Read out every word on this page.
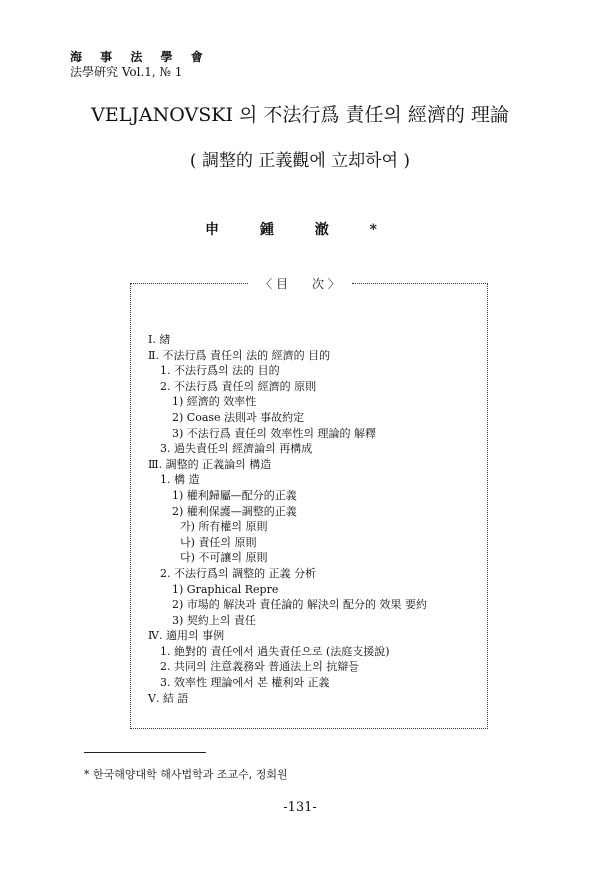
海 事 法 學 會
法學硏究 Vol.1, № 1
VELJANOVSKI 의 不法行爲 責任의 經濟的 理論
( 調整的 正義觀에 立却하여 )
申 鍾 澈 *
〈 目　　次 〉
Ⅰ. 緖
Ⅱ. 不法行爲 責任의 法的 經濟的 目的
1. 不法行爲의 法的 目的
2. 不法行爲 責任의 經濟的 原則
1) 經濟的 效率性
2) Coase 法則과 事故約定
3) 不法行爲 責任의 效率性의 理論的 解釋
3. 過失責任의 經濟論의 再構成
Ⅲ. 調整的 正義論의 構造
1. 構 造
1) 權利歸屬—配分的正義
2) 權利保護—調整的正義
가) 所有權의 原則
나) 責任의 原則
다) 不可讓의 原則
2. 不法行爲의 調整的 正義 分析
1) Graphical Repre
2) 市場的 解決과 責任論的 解決의 配分的 效果 要約
3) 契約上의 責任
Ⅳ. 適用의 事例
1. 絶對的 責任에서 過失責任으로 (法庭支援說)
2. 共同의 注意義務와 普通法上의 抗辯들
3. 效率性 理論에서 본 權利와 正義
Ⅴ. 結 語
* 한국해양대학 해사법학과 조교수, 정회원
-131-
